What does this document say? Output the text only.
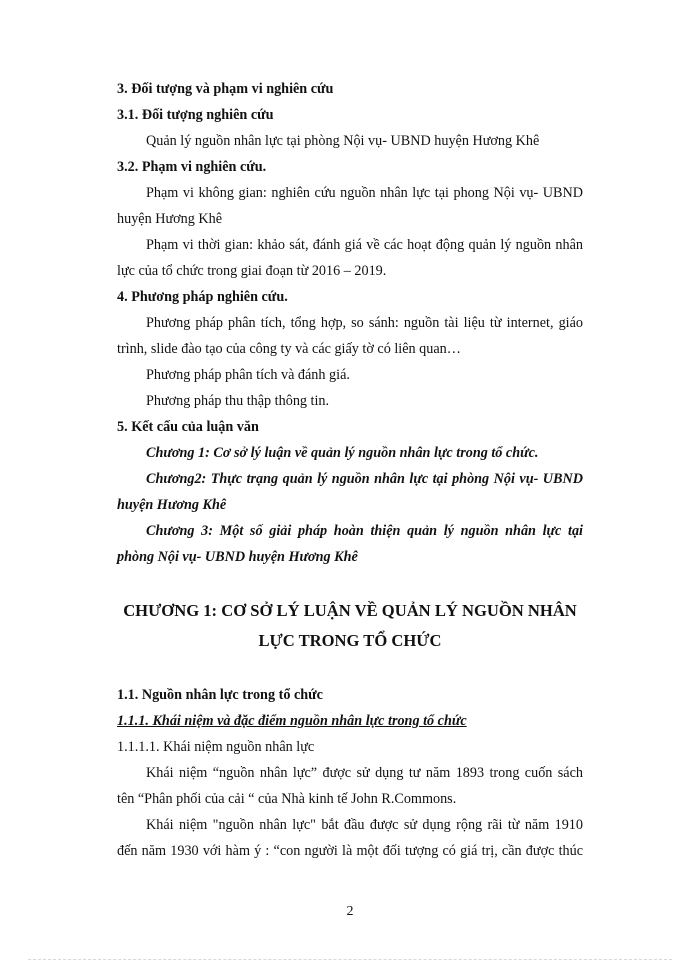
3. Đối tượng và phạm vi nghiên cứu
3.1. Đối tượng nghiên cứu
Quản lý nguồn nhân lực tại phòng Nội vụ- UBND huyện Hương Khê
3.2. Phạm vi nghiên cứu.
Phạm vi không gian: nghiên cứu nguồn nhân lực tại phong Nội vụ- UBND
huyện Hương Khê
Phạm vi thời gian: khảo sát, đánh giá về các hoạt động quản lý nguồn nhân
lực của tổ chức trong giai đoạn từ 2016 – 2019.
4. Phương pháp nghiên cứu.
Phương pháp phân tích, tổng hợp, so sánh: nguồn tài liệu từ internet, giáo
trình, slide đào tạo của công ty và các giấy tờ có liên quan…
Phương pháp phân tích và đánh giá.
Phương pháp thu thập thông tin.
5. Kết cấu của luận văn
Chương 1: Cơ sở lý luận về quản lý nguồn nhân lực trong tổ chức.
Chương2: Thực trạng quản lý nguồn nhân lực tại phòng Nội vụ- UBND
huyện Hương Khê
Chương 3: Một số giải pháp hoàn thiện quản lý nguồn nhân lực tại
phòng Nội vụ- UBND huyện Hương Khê
CHƯƠNG 1: CƠ SỞ LÝ LUẬN VỀ QUẢN LÝ NGUỒN NHÂN
LỰC TRONG TỔ CHỨC
1.1. Nguồn nhân lực trong tổ chức
1.1.1. Khái niệm và đặc điểm nguồn nhân lực trong tổ chức
1.1.1.1. Khái niệm nguồn nhân lực
Khái niệm “nguồn nhân lực” được sử dụng tư năm 1893 trong cuốn sách
tên “Phân phối của cải “ của Nhà kinh tế John R.Commons.
Khái niệm "nguồn nhân lực" bắt đầu được sử dụng rộng rãi từ năm 1910
đến năm 1930 với hàm ý : “con người là một đối tượng có giá trị, cần được thúc
2
